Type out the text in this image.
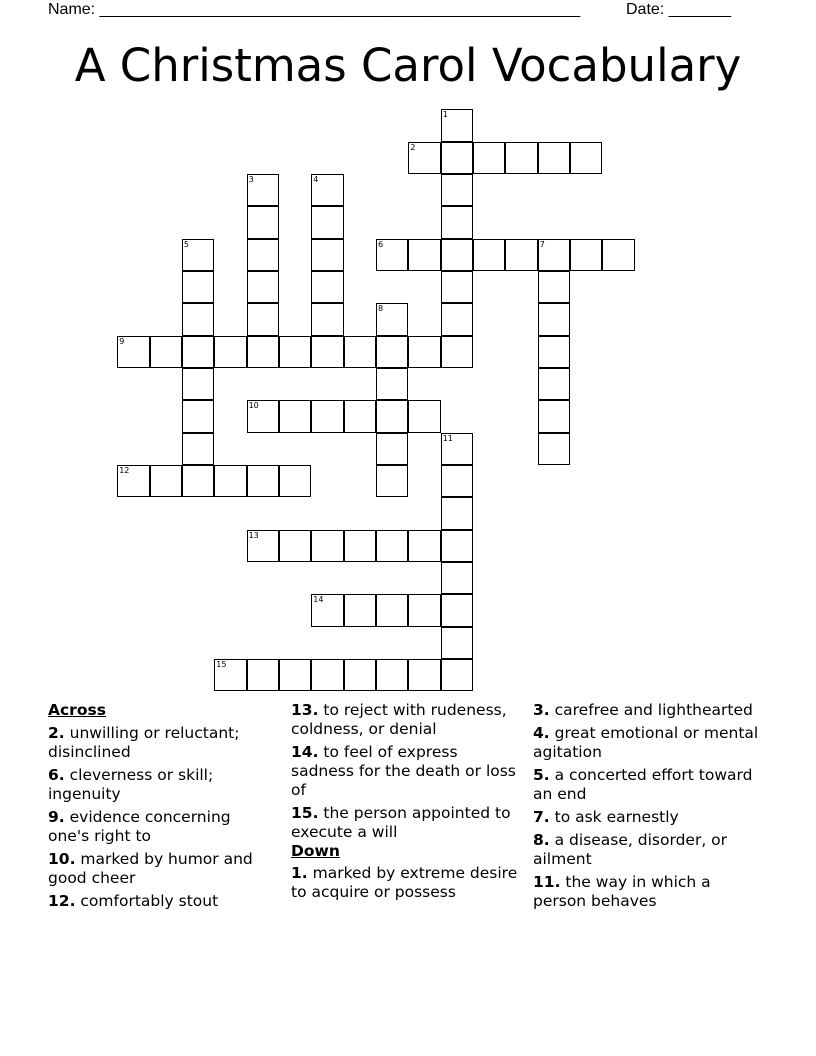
Name: ______________________________________________________	Date: _______
A Christmas Carol Vocabulary
1
2
3	4
5	6	7
8
9
10
11
12
13
14
15
Across
2. unwilling or reluctant; disinclined
6. cleverness or skill; ingenuity
9. evidence concerning one's right to
10. marked by humor and good cheer
12. comfortably stout
13. to reject with rudeness, coldness, or denial
14. to feel of express sadness for the death or loss of
15. the person appointed to execute a will
Down
1. marked by extreme desire to acquire or possess
3. carefree and lighthearted
4. great emotional or mental agitation
5. a concerted effort toward an end
7. to ask earnestly
8. a disease, disorder, or ailment
11. the way in which a person behaves
